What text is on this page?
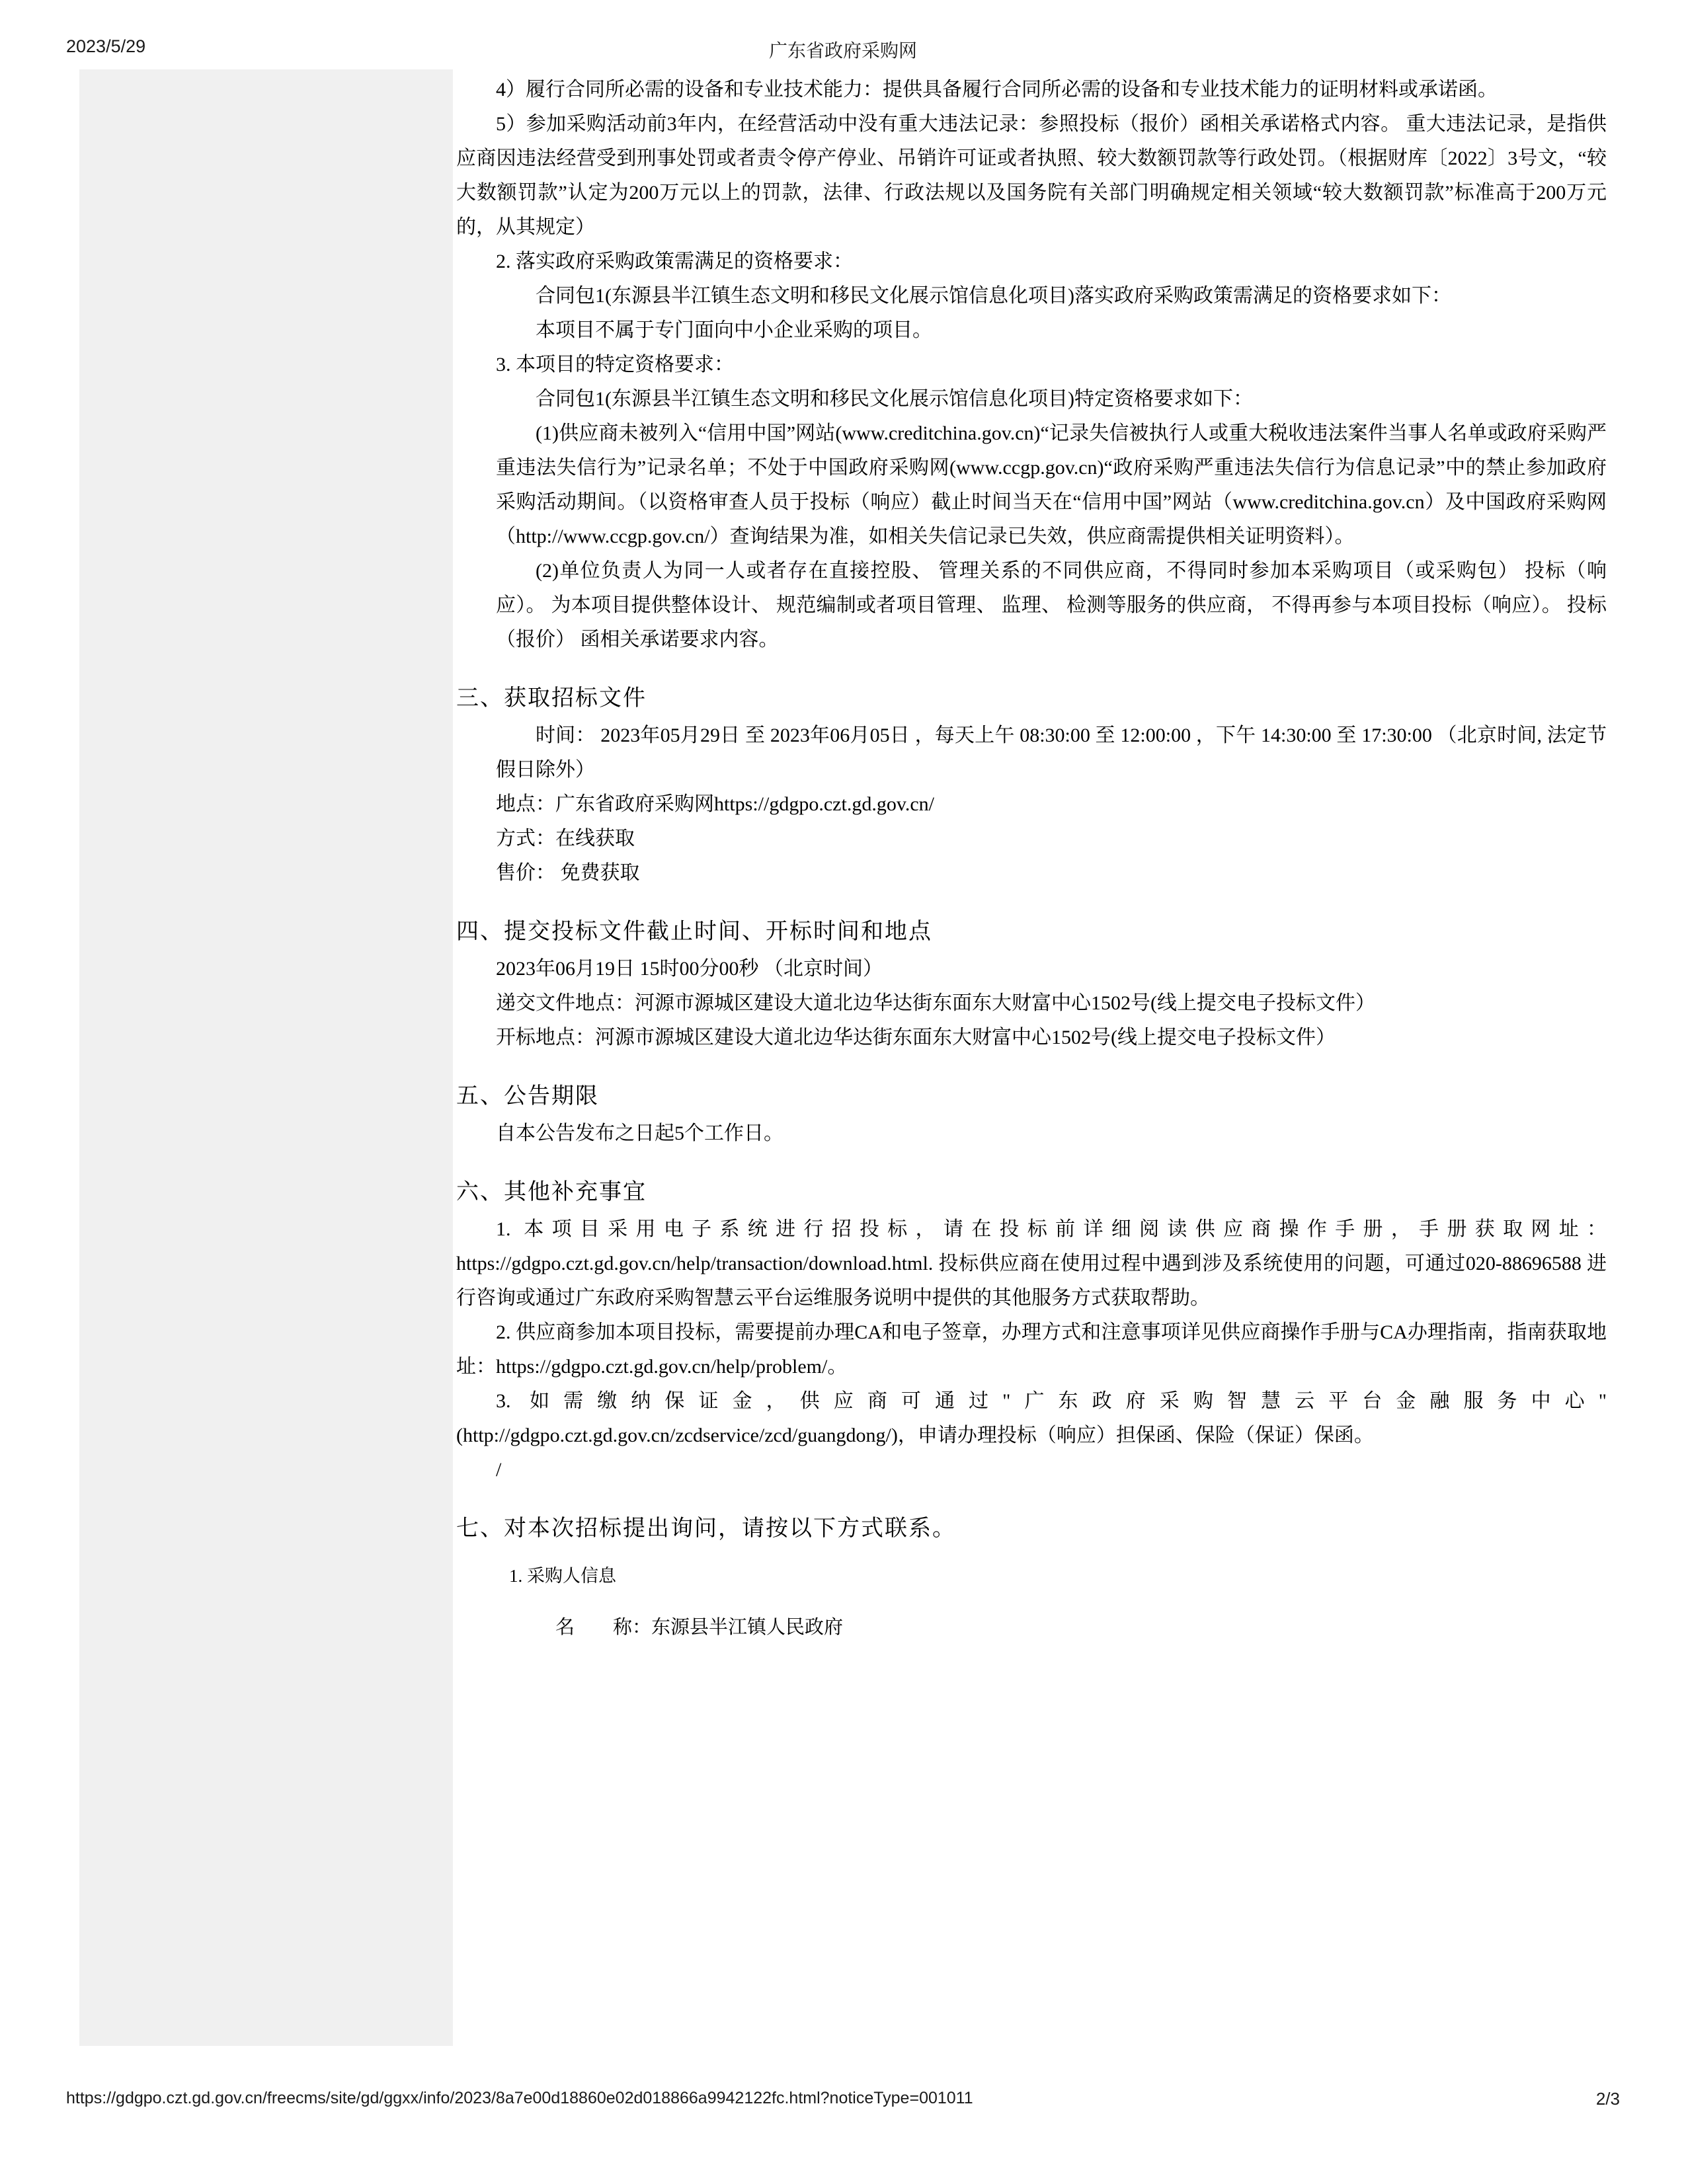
2023/5/29	广东省政府采购网

4）履行合同所必需的设备和专业技术能力：提供具备履行合同所必需的设备和专业技术能力的证明材料或承诺函。

5）参加采购活动前3年内，在经营活动中没有重大违法记录：参照投标（报价）函相关承诺格式内容。 重大违法记录，是指供应商因违法经营受到刑事处罚或者责令停产停业、吊销许可证或者执照、较大数额罚款等行政处罚。（根据财库〔2022〕3号文，“较大数额罚款”认定为200万元以上的罚款，法律、行政法规以及国务院有关部门明确规定相关领域“较大数额罚款”标准高于200万元的，从其规定）

2. 落实政府采购政策需满足的资格要求：

合同包1(东源县半江镇生态文明和移民文化展示馆信息化项目)落实政府采购政策需满足的资格要求如下：

本项目不属于专门面向中小企业采购的项目。

3. 本项目的特定资格要求：

合同包1(东源县半江镇生态文明和移民文化展示馆信息化项目)特定资格要求如下：

(1)供应商未被列入“信用中国”网站(www.creditchina.gov.cn)“记录失信被执行人或重大税收违法案件当事人名单或政府采购严重违法失信行为”记录名单；不处于中国政府采购网(www.ccgp.gov.cn)“政府采购严重违法失信行为信息记录”中的禁止参加政府采购活动期间。（以资格审查人员于投标（响应）截止时间当天在“信用中国”网站（www.creditchina.gov.cn）及中国政府采购网（http://www.ccgp.gov.cn/）查询结果为准，如相关失信记录已失效，供应商需提供相关证明资料）。

(2)单位负责人为同一人或者存在直接控股、 管理关系的不同供应商，不得同时参加本采购项目（或采购包） 投标（响应）。 为本项目提供整体设计、 规范编制或者项目管理、 监理、 检测等服务的供应商， 不得再参与本项目投标（响应）。 投标（报价） 函相关承诺要求内容。

三、获取招标文件

时间： 2023年05月29日 至 2023年06月05日 ，每天上午 08:30:00 至 12:00:00 ，下午 14:30:00 至 17:30:00 （北京时间, 法定节假日除外）

地点：广东省政府采购网https://gdgpo.czt.gd.gov.cn/

方式：在线获取

售价： 免费获取

四、提交投标文件截止时间、开标时间和地点

2023年06月19日 15时00分00秒 （北京时间）

递交文件地点：河源市源城区建设大道北边华达街东面东大财富中心1502号(线上提交电子投标文件）

开标地点：河源市源城区建设大道北边华达街东面东大财富中心1502号(线上提交电子投标文件）

五、公告期限

自本公告发布之日起5个工作日。

六、其他补充事宜

1. 本项目采用电子系统进行招投标，请在投标前详细阅读供应商操作手册，手册获取网址：https://gdgpo.czt.gd.gov.cn/help/transaction/download.html. 投标供应商在使用过程中遇到涉及系统使用的问题，可通过020-88696588 进行咨询或通过广东政府采购智慧云平台运维服务说明中提供的其他服务方式获取帮助。

2. 供应商参加本项目投标，需要提前办理CA和电子签章，办理方式和注意事项详见供应商操作手册与CA办理指南，指南获取地址：https://gdgpo.czt.gd.gov.cn/help/problem/。

3. 如需缴纳保证金，供应商可通过"广东政府采购智慧云平台金融服务中心"(http://gdgpo.czt.gd.gov.cn/zcdservice/zcd/guangdong/)，申请办理投标（响应）担保函、保险（保证）保函。

/

七、对本次招标提出询问，请按以下方式联系。

1. 采购人信息

名　　称：东源县半江镇人民政府

https://gdgpo.czt.gd.gov.cn/freecms/site/gd/ggxx/info/2023/8a7e00d18860e02d018866a9942122fc.html?noticeType=001011	2/3
